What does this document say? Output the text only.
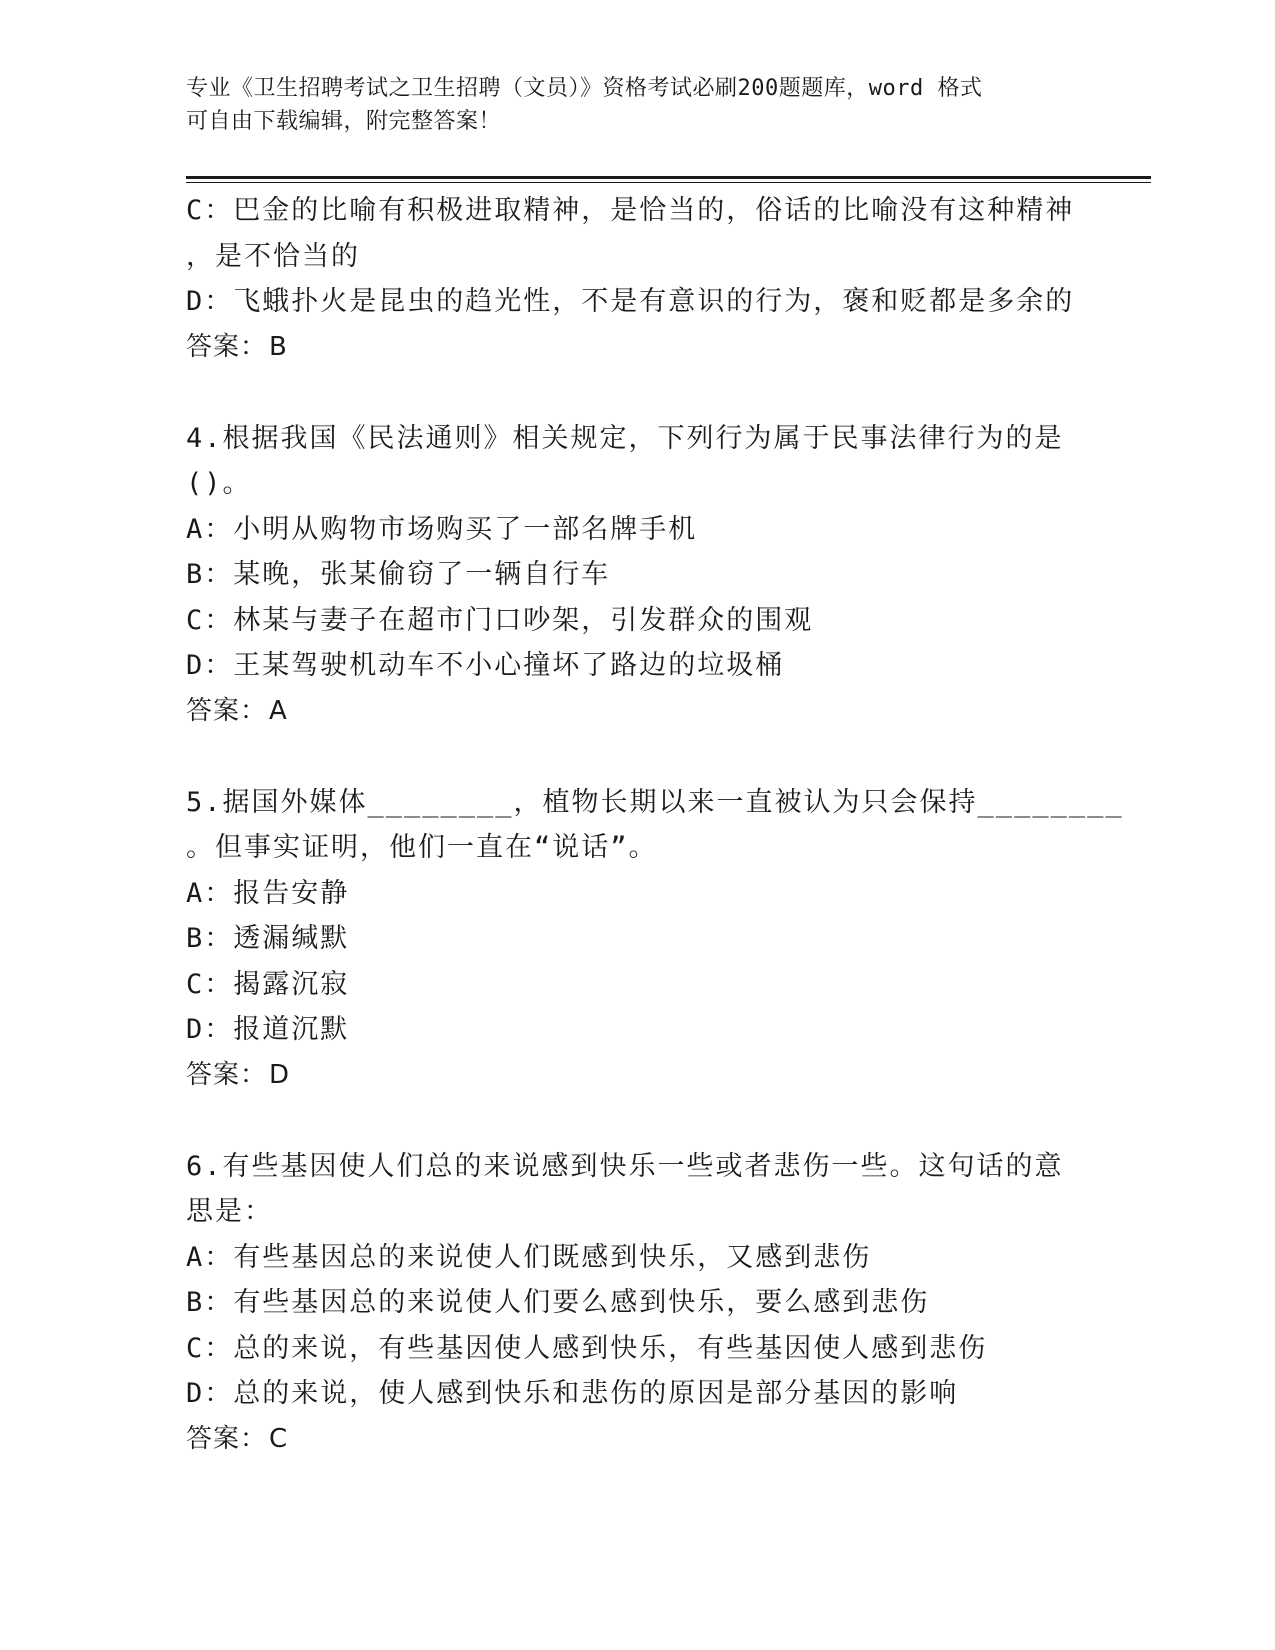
专业《卫生招聘考试之卫生招聘（文员）》资格考试必刷200题题库，word 格式
可自由下载编辑，附完整答案！
C：巴金的比喻有积极进取精神，是恰当的，俗话的比喻没有这种精神
，是不恰当的
D：飞蛾扑火是昆虫的趋光性，不是有意识的行为，褒和贬都是多余的
答案：B
4.根据我国《民法通则》相关规定，下列行为属于民事法律行为的是
()。
A：小明从购物市场购买了一部名牌手机
B：某晚，张某偷窃了一辆自行车
C：林某与妻子在超市门口吵架，引发群众的围观
D：王某驾驶机动车不小心撞坏了路边的垃圾桶
答案：A
5.据国外媒体________，植物长期以来一直被认为只会保持________
。但事实证明，他们一直在“说话”。
A：报告安静
B：透漏缄默
C：揭露沉寂
D：报道沉默
答案：D
6.有些基因使人们总的来说感到快乐一些或者悲伤一些。这句话的意
思是：
A：有些基因总的来说使人们既感到快乐，又感到悲伤
B：有些基因总的来说使人们要么感到快乐，要么感到悲伤
C：总的来说，有些基因使人感到快乐，有些基因使人感到悲伤
D：总的来说，使人感到快乐和悲伤的原因是部分基因的影响
答案：C
